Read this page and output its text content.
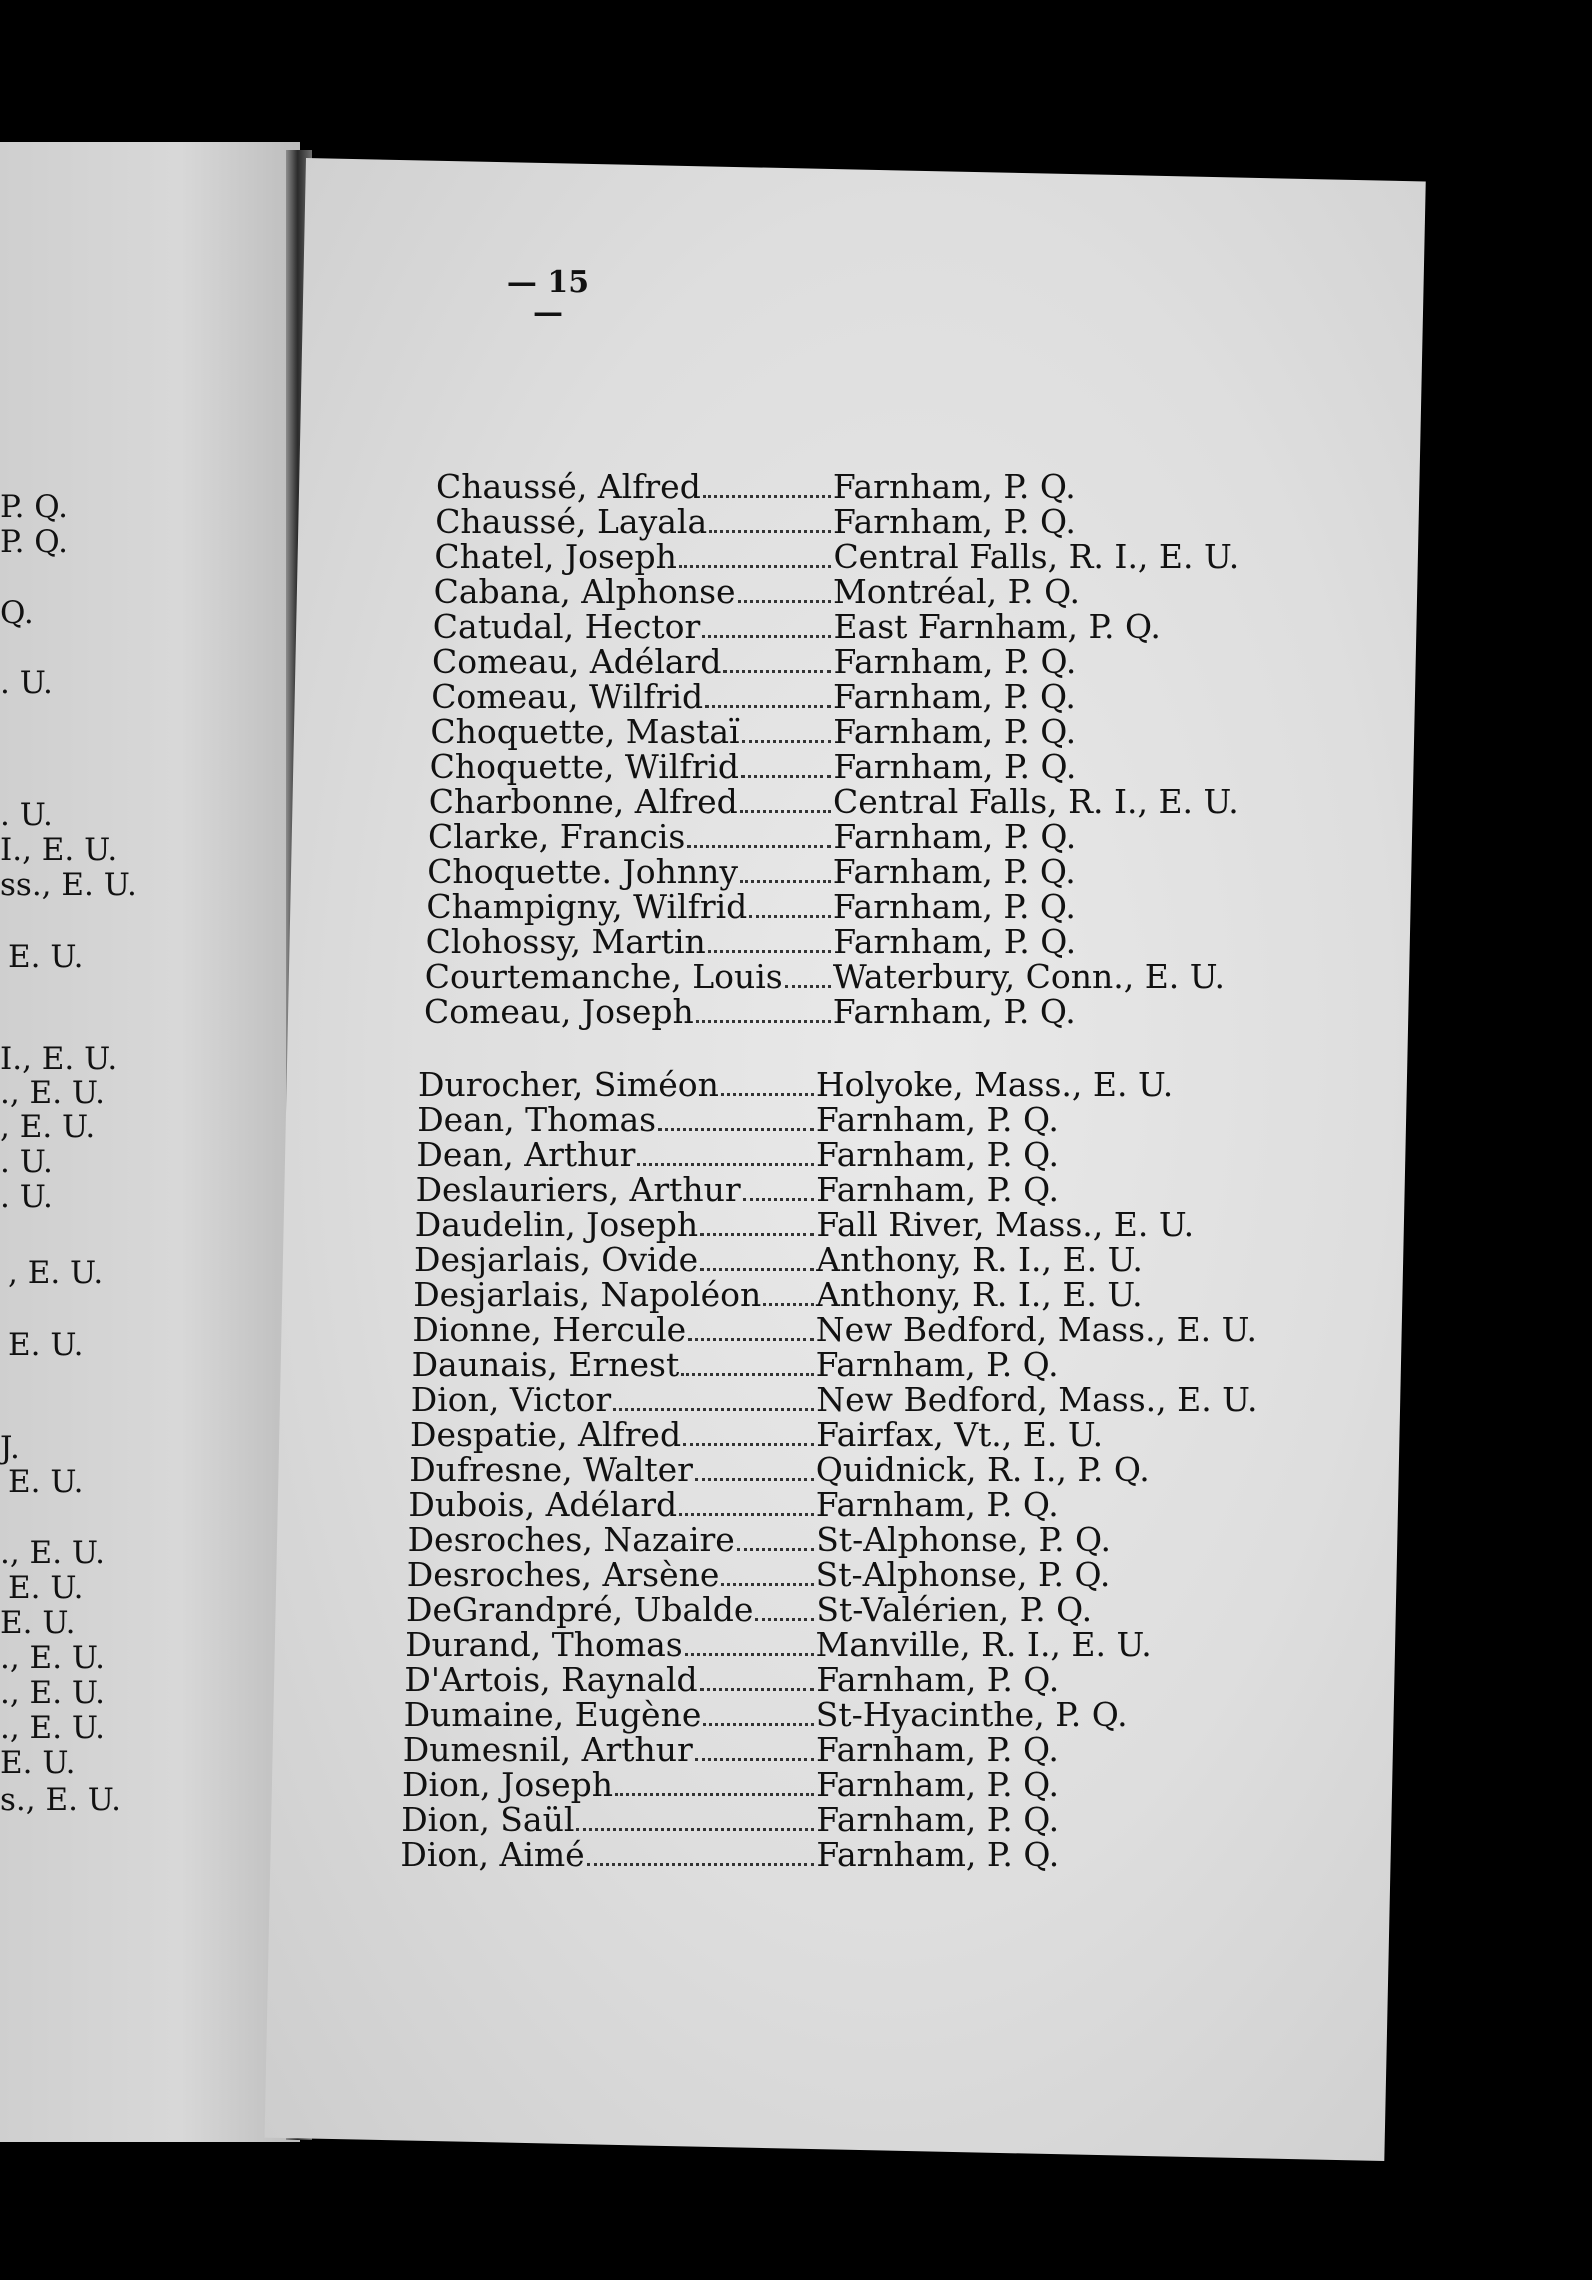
— 15 —
P. Q.
P. Q.
Q.
. U.
. U.
I., E. U.
ss., E. U.
E. U.
I., E. U.
., E. U.
, E. U.
. U.
. U.
, E. U.
E. U.
J.
E. U.
., E. U.
E. U.
E. U.
., E. U.
., E. U.
., E. U.
E. U.
s., E. U.
Chaussé, Alfred	Farnham, P. Q.
Chaussé, Layala	Farnham, P. Q.
Chatel, Joseph	Central Falls, R. I., E. U.
Cabana, Alphonse	Montréal, P. Q.
Catudal, Hector	East Farnham, P. Q.
Comeau, Adélard	Farnham, P. Q.
Comeau, Wilfrid	Farnham, P. Q.
Choquette, Mastaï	Farnham, P. Q.
Choquette, Wilfrid	Farnham, P. Q.
Charbonne, Alfred	Central Falls, R. I., E. U.
Clarke, Francis	Farnham, P. Q.
Choquette. Johnny	Farnham, P. Q.
Champigny, Wilfrid	Farnham, P. Q.
Clohossy, Martin	Farnham, P. Q.
Courtemanche, Louis Waterbury, Conn., E. U.
Comeau, Joseph	Farnham, P. Q.
Durocher, Siméon	Holyoke, Mass., E. U.
Dean, Thomas	Farnham, P. Q.
Dean, Arthur	Farnham, P. Q.
Deslauriers, Arthur Farnham, P. Q.
Daudelin, Joseph	Fall River, Mass., E. U.
Desjarlais, Ovide	Anthony, R. I., E. U.
Desjarlais, Napoléon Anthony, R. I., E. U.
Dionne, Hercule	New Bedford, Mass., E. U.
Daunais, Ernest	Farnham, P. Q.
Dion, Victor	New Bedford, Mass., E. U.
Despatie, Alfred	Fairfax, Vt., E. U.
Dufresne, Walter	Quidnick, R. I., P. Q.
Dubois, Adélard	Farnham, P. Q.
Desroches, Nazaire St-Alphonse, P. Q.
Desroches, Arsène	St-Alphonse, P. Q.
DeGrandpré, Ubalde St-Valérien, P. Q.
Durand, Thomas	Manville, R. I., E. U.
D'Artois, Raynald	Farnham, P. Q.
Dumaine, Eugène	St-Hyacinthe, P. Q.
Dumesnil, Arthur	Farnham, P. Q.
Dion, Joseph	Farnham, P. Q.
Dion, Saül	Farnham, P. Q.
Dion, Aimé	Farnham, P. Q.
